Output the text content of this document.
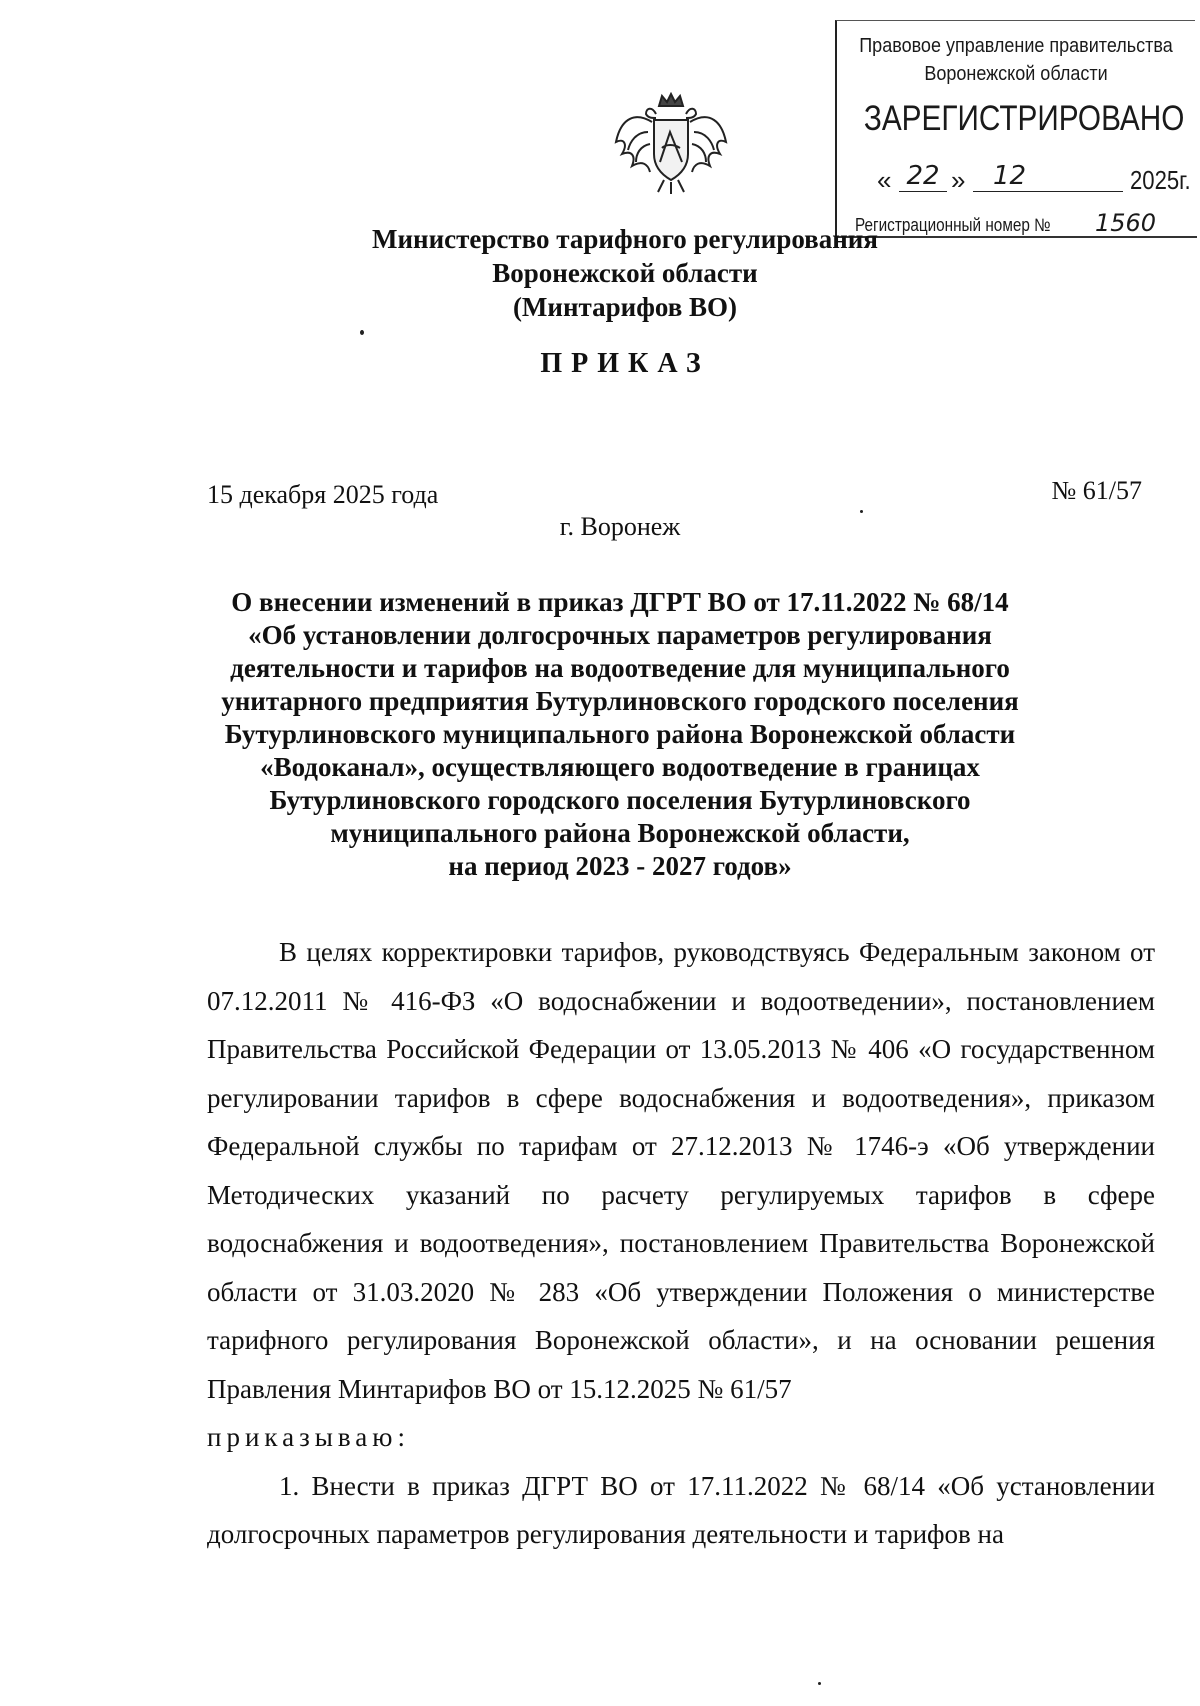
Правовое управление правительства
Воронежской области
ЗАРЕГИСТРИРОВАНО
« 22 »	12	2025г.
Регистрационный номер №	1560
Министерство тарифного регулирования
Воронежской области
(Минтарифов ВО)
ПРИКАЗ
15 декабря 2025 года	№ 61/57
г. Воронеж
О внесении изменений в приказ ДГРТ ВО от 17.11.2022 № 68/14
«Об установлении долгосрочных параметров регулирования
деятельности и тарифов на водоотведение для муниципального
унитарного предприятия Бутурлиновского городского поселения
Бутурлиновского муниципального района Воронежской области
«Водоканал», осуществляющего водоотведение в границах
Бутурлиновского городского поселения Бутурлиновского
муниципального района Воронежской области,
на период 2023 - 2027 годов»

В целях корректировки тарифов, руководствуясь Федеральным законом от 07.12.2011 № 416-ФЗ «О водоснабжении и водоотведении», постановлением Правительства Российской Федерации от 13.05.2013 № 406 «О государственном регулировании тарифов в сфере водоснабжения и водоотведения», приказом Федеральной службы по тарифам от 27.12.2013 № 1746-э «Об утверждении Методических указаний по расчету регулируемых тарифов в сфере водоснабжения и водоотведения», постановлением Правительства Воронежской области от 31.03.2020 № 283 «Об утверждении Положения о министерстве тарифного регулирования Воронежской области», и на основании решения Правления Минтарифов ВО от 15.12.2025 № 61/57

приказываю:

1. Внести в приказ ДГРТ ВО от 17.11.2022 № 68/14 «Об установлении долгосрочных параметров регулирования деятельности и тарифов на
